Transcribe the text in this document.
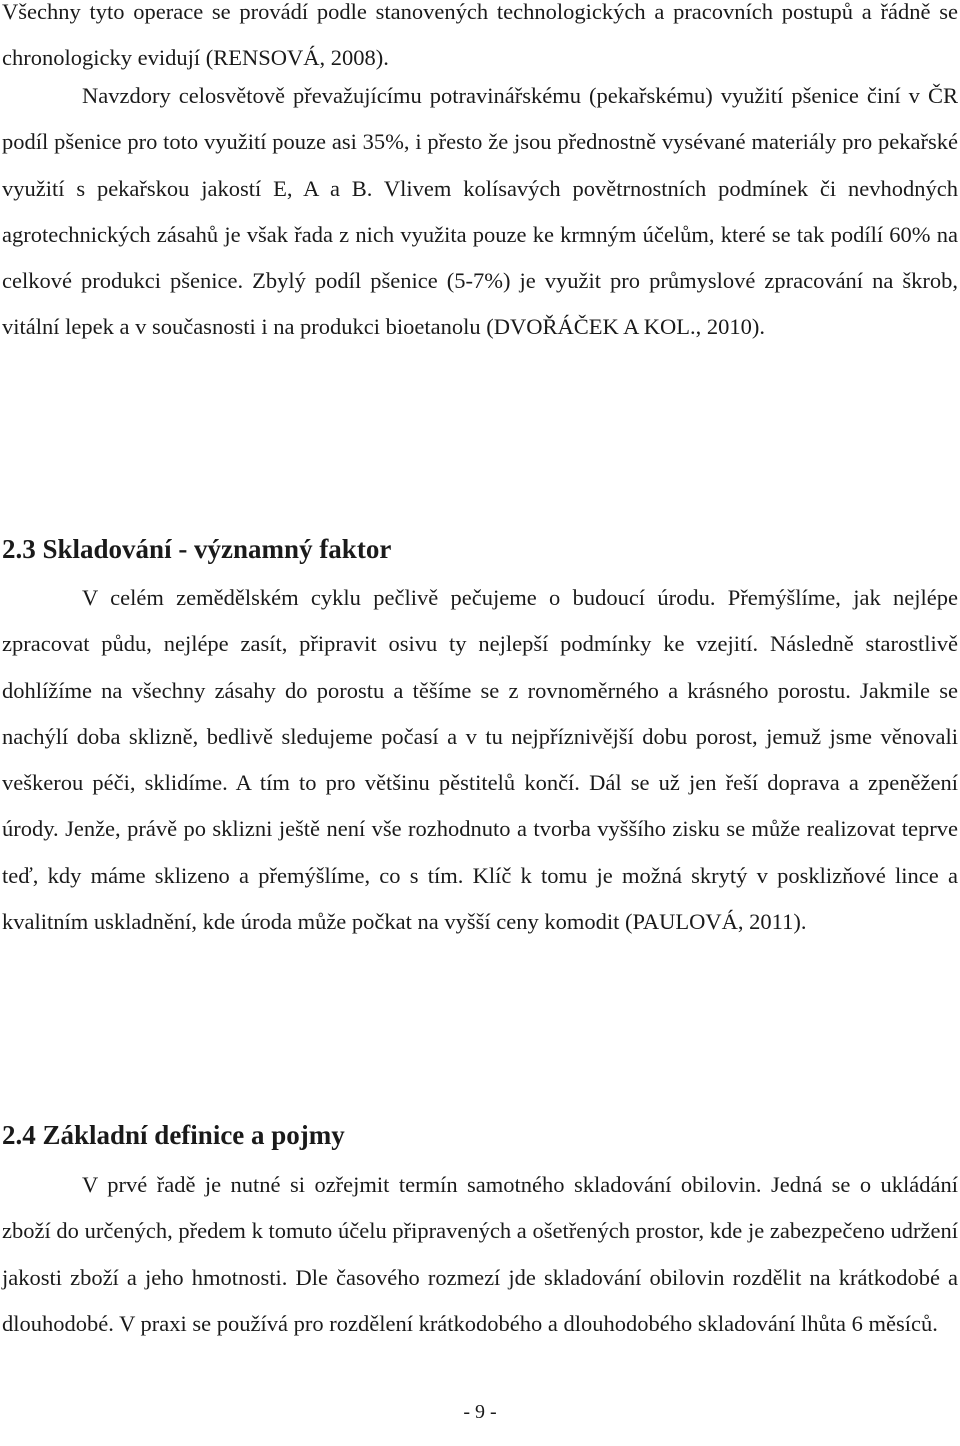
Všechny tyto operace se provádí podle stanovených technologických a pracovních postupů a řádně se chronologicky evidují (RENSOVÁ, 2008).

Navzdory celosvětově převažujícímu potravinářskému (pekařskému) využití pšenice činí v ČR podíl pšenice pro toto využití pouze asi 35%, i přesto že jsou přednostně vysévané materiály pro pekařské využití s pekařskou jakostí E, A a B. Vlivem kolísavých povětrnostních podmínek či nevhodných agrotechnických zásahů je však řada z nich využita pouze ke krmným účelům, které se tak podílí 60% na celkové produkci pšenice. Zbylý podíl pšenice (5-7%) je využit pro průmyslové zpracování na škrob, vitální lepek a v současnosti i na produkci bioetanolu (DVOŘÁČEK A KOL., 2010).

2.3 Skladování - významný faktor

V celém zemědělském cyklu pečlivě pečujeme o budoucí úrodu. Přemýšlíme, jak nejlépe zpracovat půdu, nejlépe zasít, připravit osivu ty nejlepší podmínky ke vzejití. Následně starostlivě dohlížíme na všechny zásahy do porostu a těšíme se z rovnoměrného a krásného porostu. Jakmile se nachýlí doba sklizně, bedlivě sledujeme počasí a v tu nejpříznivější dobu porost, jemuž jsme věnovali veškerou péči, sklidíme. A tím to pro většinu pěstitelů končí. Dál se už jen řeší doprava a zpeněžení úrody. Jenže, právě po sklizni ještě není vše rozhodnuto a tvorba vyššího zisku se může realizovat teprve teď, kdy máme sklizeno a přemýšlíme, co s tím. Klíč k tomu je možná skrytý v posklizňové lince a kvalitním uskladnění, kde úroda může počkat na vyšší ceny komodit (PAULOVÁ, 2011).

2.4 Základní definice a pojmy

V prvé řadě je nutné si ozřejmit termín samotného skladování obilovin. Jedná se o ukládání zboží do určených, předem k tomuto účelu připravených a ošetřených prostor, kde je zabezpečeno udržení jakosti zboží a jeho hmotnosti. Dle časového rozmezí jde skladování obilovin rozdělit na krátkodobé a dlouhodobé. V praxi se používá pro rozdělení krátkodobého a dlouhodobého skladování lhůta 6 měsíců.

- 9 -
